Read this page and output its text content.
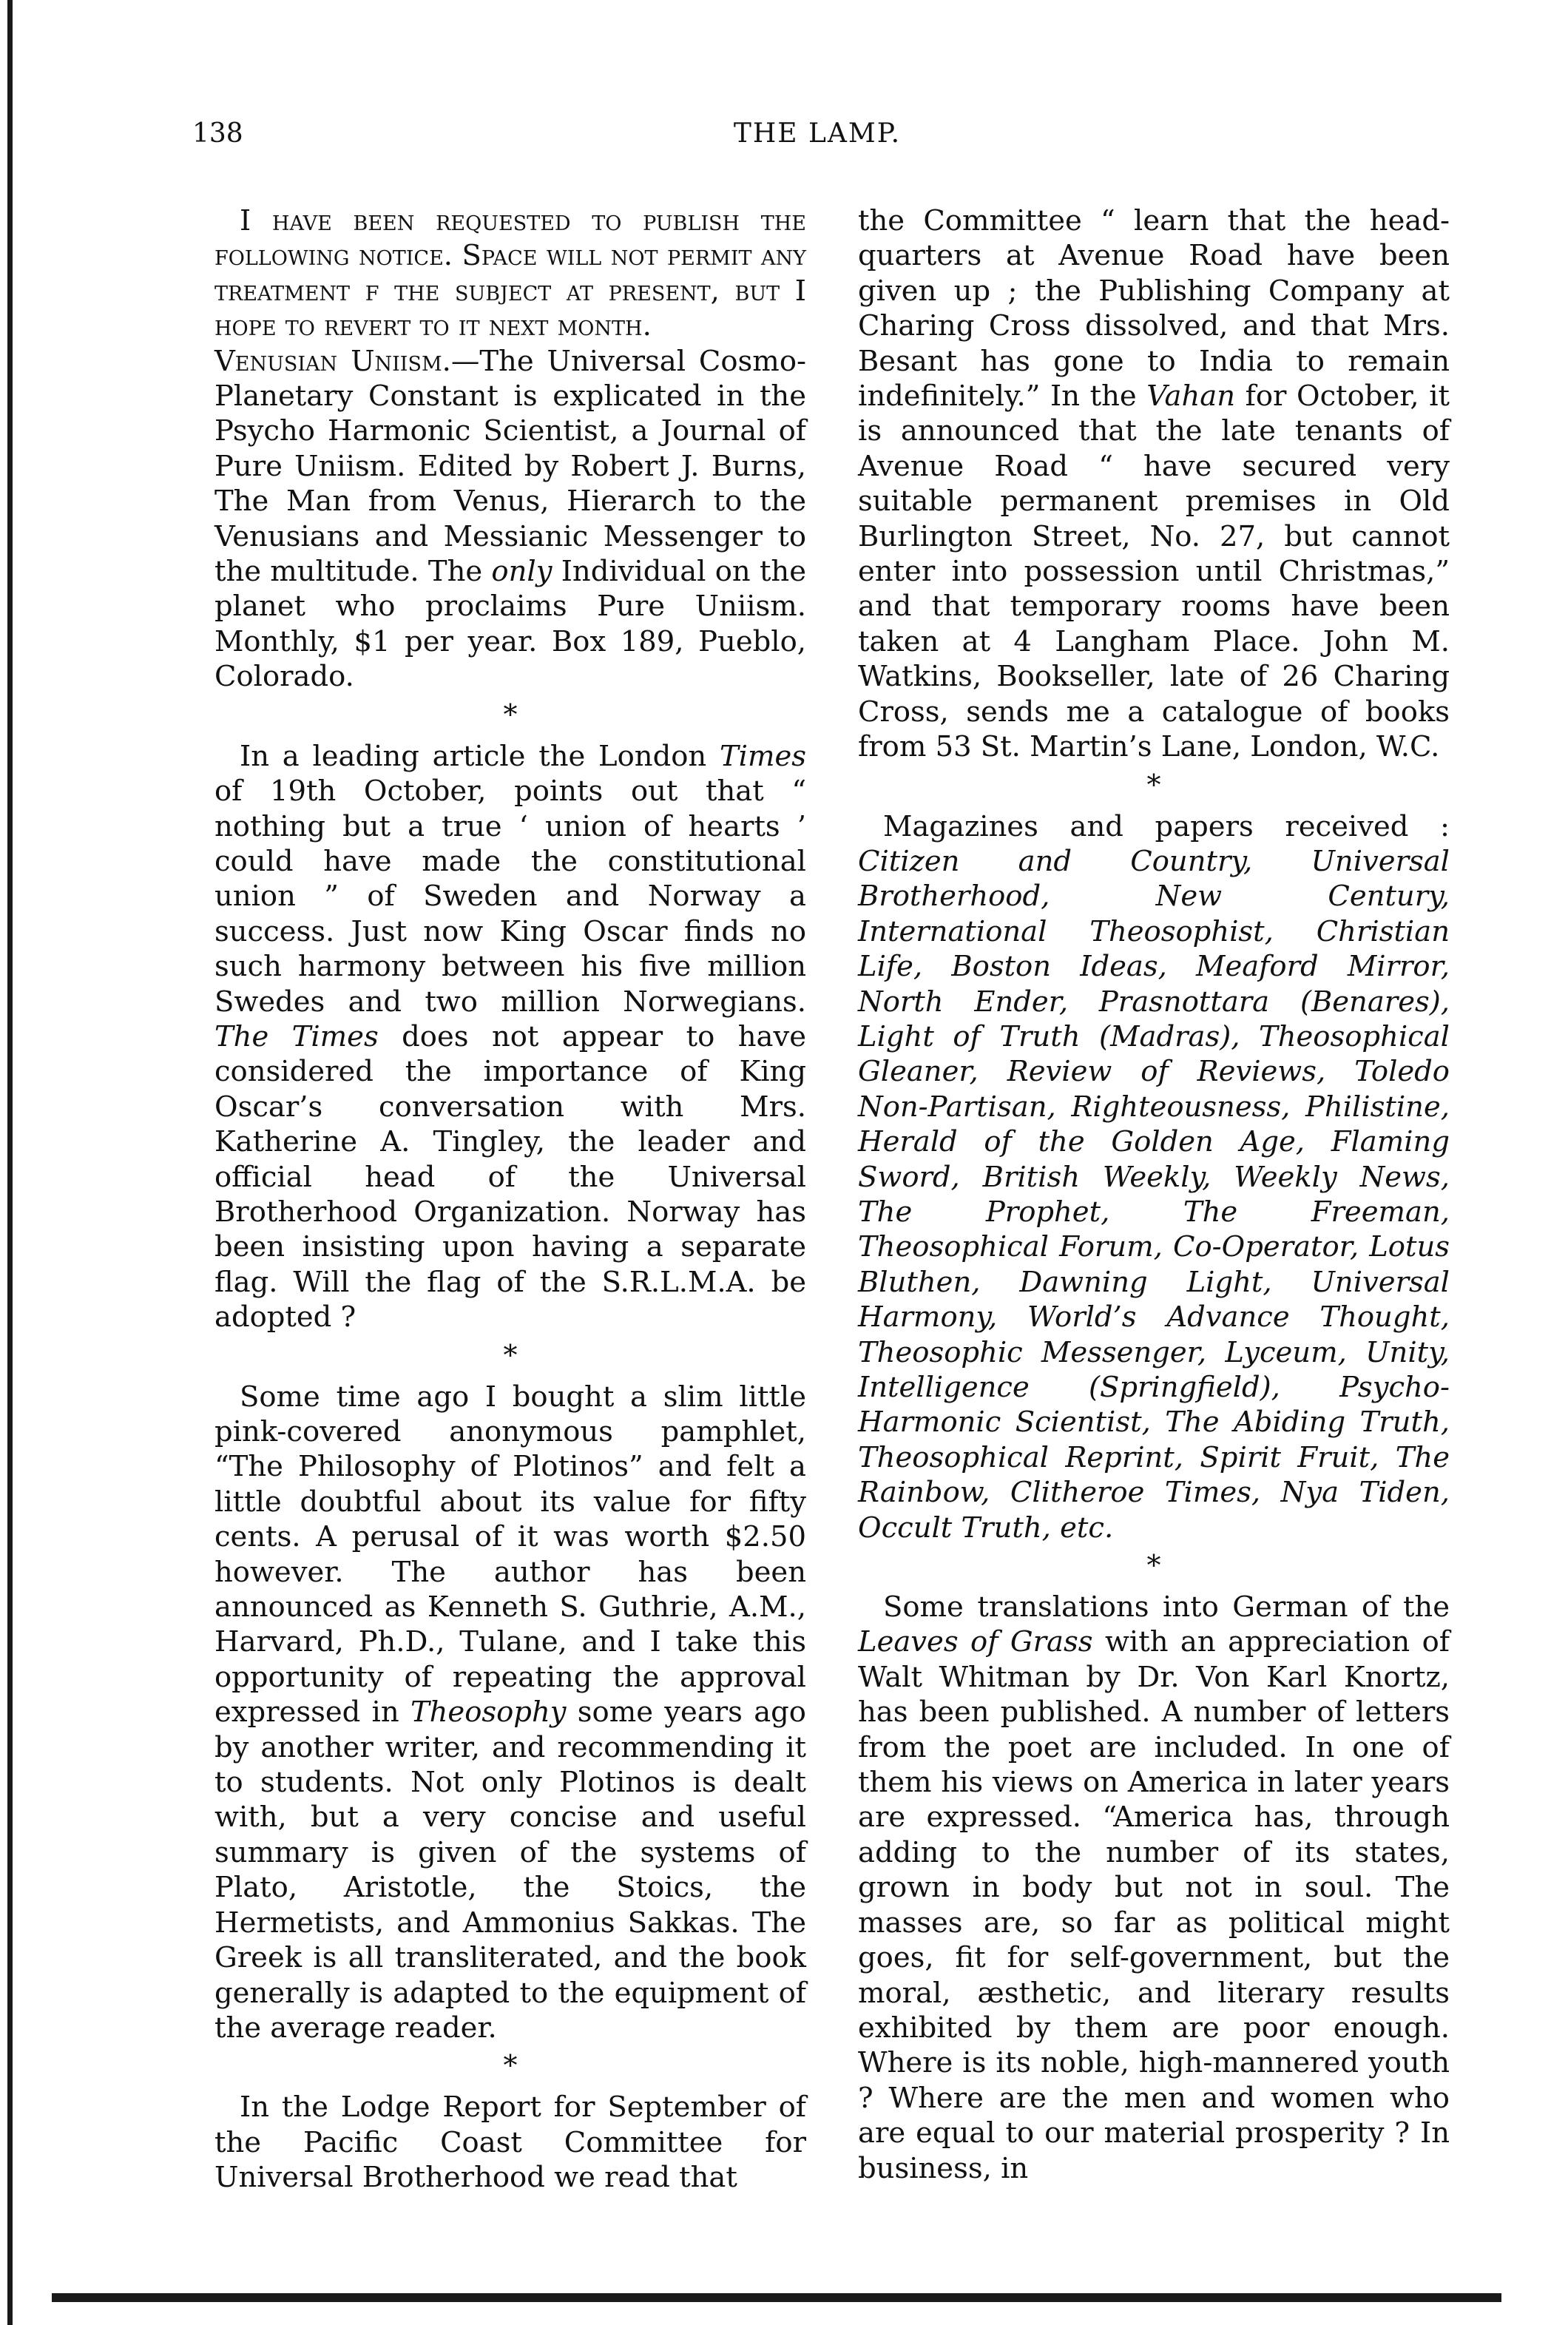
138	THE LAMP.

I have been requested to publish the following notice. Space will not permit any treatment f the subject at present, but I hope to revert to it next month.

Venusian Uniism.—The Universal Cosmo-Planetary Constant is explicated in the Psycho Harmonic Scientist, a Journal of Pure Uniism. Edited by Robert J. Burns, The Man from Venus, Hierarch to the Venusians and Messianic Messenger to the multitude. The only Individual on the planet who proclaims Pure Uniism. Monthly, $1 per year. Box 189, Pueblo, Colorado.

*

In a leading article the London Times of 19th October, points out that “ nothing but a true ‘ union of hearts ’ could have made the constitutional union ” of Sweden and Norway a success. Just now King Oscar finds no such harmony between his five million Swedes and two million Norwegians. The Times does not appear to have considered the importance of King Oscar’s conversation with Mrs. Katherine A. Tingley, the leader and official head of the Universal Brotherhood Organization. Norway has been insisting upon having a separate flag. Will the flag of the S.R.L.M.A. be adopted ?

*

Some time ago I bought a slim little pink-covered anonymous pamphlet, “The Philosophy of Plotinos” and felt a little doubtful about its value for fifty cents. A perusal of it was worth $2.50 however. The author has been announced as Kenneth S. Guthrie, A.M., Harvard, Ph.D., Tulane, and I take this opportunity of repeating the approval expressed in Theosophy some years ago by another writer, and recommending it to students. Not only Plotinos is dealt with, but a very concise and useful summary is given of the systems of Plato, Aristotle, the Stoics, the Hermetists, and Ammonius Sakkas. The Greek is all transliterated, and the book generally is adapted to the equipment of the average reader.

*

In the Lodge Report for September of the Pacific Coast Committee for Universal Brotherhood we read that

the Committee “ learn that the head-quarters at Avenue Road have been given up ; the Publishing Company at Charing Cross dissolved, and that Mrs. Besant has gone to India to remain indefinitely.” In the Vahan for October, it is announced that the late tenants of Avenue Road “ have secured very suitable permanent premises in Old Burlington Street, No. 27, but cannot enter into possession until Christmas,” and that temporary rooms have been taken at 4 Langham Place. John M. Watkins, Bookseller, late of 26 Charing Cross, sends me a catalogue of books from 53 St. Martin’s Lane, London, W.C.

*

Magazines and papers received : Citizen and Country, Universal Brotherhood, New Century, International Theosophist, Christian Life, Boston Ideas, Meaford Mirror, North Ender, Prasnottara (Benares), Light of Truth (Madras), Theosophical Gleaner, Review of Reviews, Toledo Non-Partisan, Righteousness, Philistine, Herald of the Golden Age, Flaming Sword, British Weekly, Weekly News, The Prophet, The Freeman, Theosophical Forum, Co-Operator, Lotus Bluthen, Dawning Light, Universal Harmony, World’s Advance Thought, Theosophic Messenger, Lyceum, Unity, Intelligence (Springfield), Psycho-Harmonic Scientist, The Abiding Truth, Theosophical Reprint, Spirit Fruit, The Rainbow, Clitheroe Times, Nya Tiden, Occult Truth, etc.

*

Some translations into German of the Leaves of Grass with an appreciation of Walt Whitman by Dr. Von Karl Knortz, has been published. A number of letters from the poet are included. In one of them his views on America in later years are expressed. “America has, through adding to the number of its states, grown in body but not in soul. The masses are, so far as political might goes, fit for self-government, but the moral, æsthetic, and literary results exhibited by them are poor enough. Where is its noble, high-mannered youth ? Where are the men and women who are equal to our material prosperity ? In business, in
